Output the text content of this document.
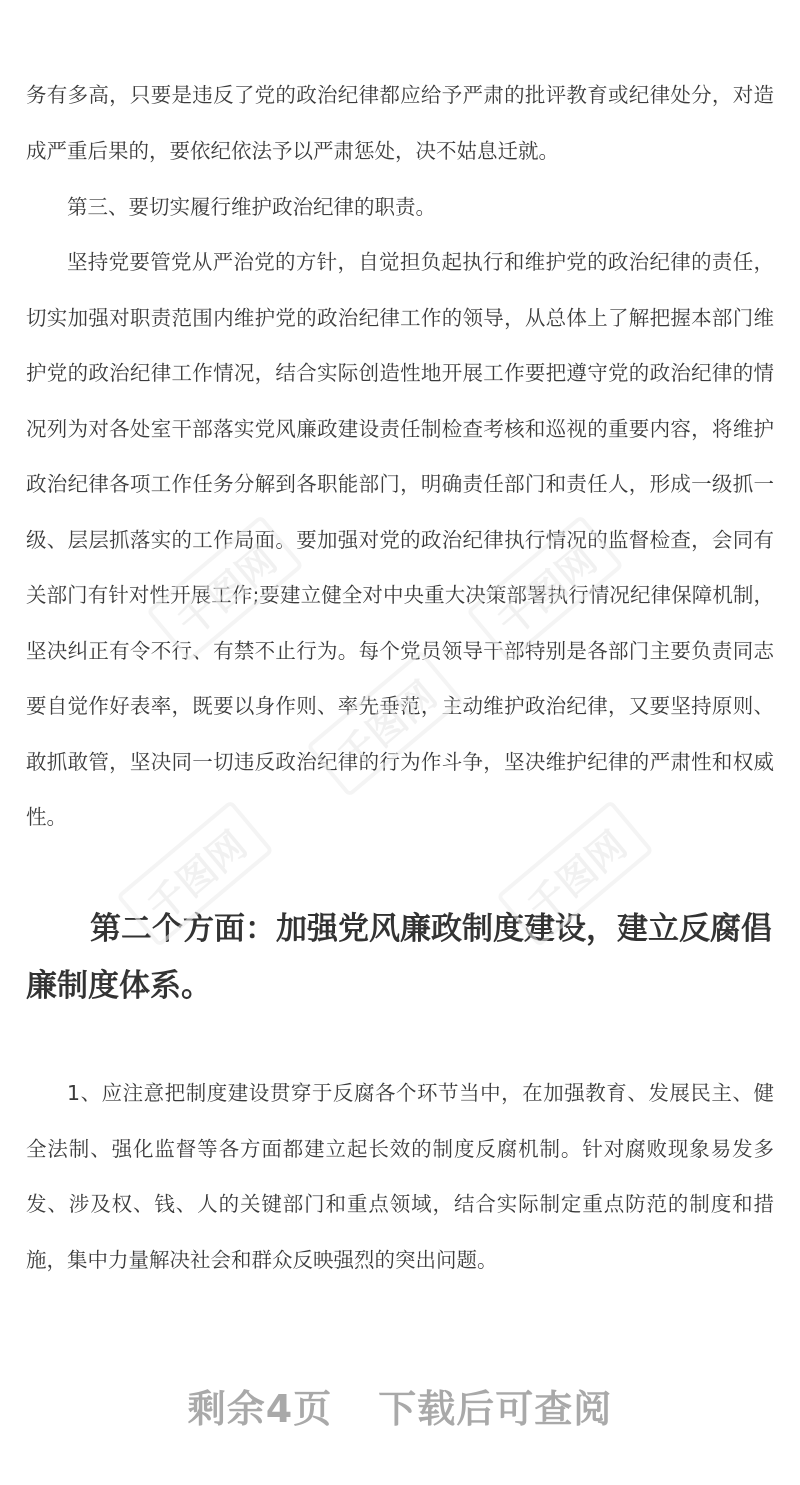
务有多高，只要是违反了党的政治纪律都应给予严肃的批评教育或纪律处分，对造成严重后果的，要依纪依法予以严肃惩处，决不姑息迁就。

第三、要切实履行维护政治纪律的职责。

坚持党要管党从严治党的方针，自觉担负起执行和维护党的政治纪律的责任，切实加强对职责范围内维护党的政治纪律工作的领导，从总体上了解把握本部门维护党的政治纪律工作情况，结合实际创造性地开展工作要把遵守党的政治纪律的情况列为对各处室干部落实党风廉政建设责任制检查考核和巡视的重要内容，将维护政治纪律各项工作任务分解到各职能部门，明确责任部门和责任人，形成一级抓一级、层层抓落实的工作局面。要加强对党的政治纪律执行情况的监督检查，会同有关部门有针对性开展工作;要建立健全对中央重大决策部署执行情况纪律保障机制，坚决纠正有令不行、有禁不止行为。每个党员领导干部特别是各部门主要负责同志要自觉作好表率，既要以身作则、率先垂范，主动维护政治纪律，又要坚持原则、敢抓敢管，坚决同一切违反政治纪律的行为作斗争，坚决维护纪律的严肃性和权威性。

第二个方面：加强党风廉政制度建设，建立反腐倡廉制度体系。

1、应注意把制度建设贯穿于反腐各个环节当中，在加强教育、发展民主、健全法制、强化监督等各方面都建立起长效的制度反腐机制。针对腐败现象易发多发、涉及权、钱、人的关键部门和重点领域，结合实际制定重点防范的制度和措施，集中力量解决社会和群众反映强烈的突出问题。

千图网	千图网
千图网
千图网	千图网
剩余4页 下载后可查阅
